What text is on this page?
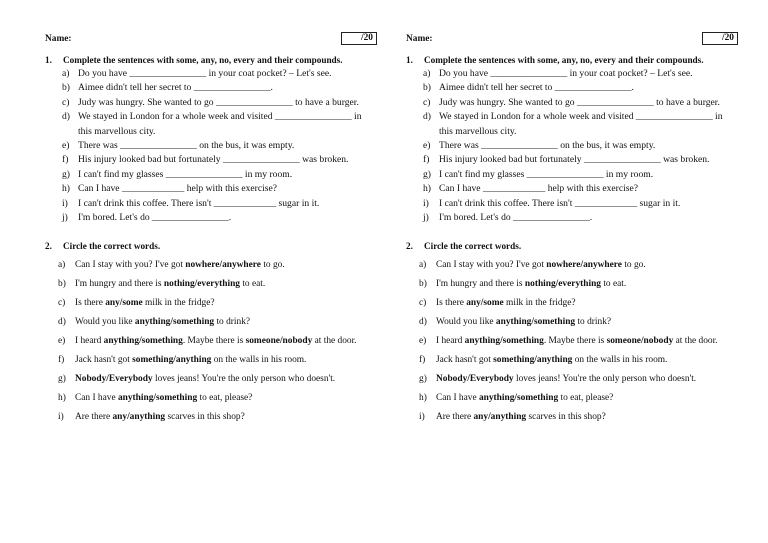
Name:	/20
1. Complete the sentences with some, any, no, every and their compounds.
a) Do you have ________________ in your coat pocket? – Let's see.
b) Aimee didn't tell her secret to ________________.
c) Judy was hungry. She wanted to go ________________ to have a burger.
d) We stayed in London for a whole week and visited ________________ in this marvellous city.
e) There was ________________ on the bus, it was empty.
f) His injury looked bad but fortunately ________________ was broken.
g) I can't find my glasses ________________ in my room.
h) Can I have _____________ help with this exercise?
i) I can't drink this coffee. There isn't _____________ sugar in it.
j) I'm bored. Let's do ________________.
2. Circle the correct words.
a) Can I stay with you? I've got nowhere/anywhere to go.
b) I'm hungry and there is nothing/everything to eat.
c) Is there any/some milk in the fridge?
d) Would you like anything/something to drink?
e) I heard anything/something. Maybe there is someone/nobody at the door.
f) Jack hasn't got something/anything on the walls in his room.
g) Nobody/Everybody loves jeans! You're the only person who doesn't.
h) Can I have anything/something to eat, please?
i) Are there any/anything scarves in this shop?
Name:	/20
1. Complete the sentences with some, any, no, every and their compounds.
a) Do you have ________________ in your coat pocket? – Let's see.
b) Aimee didn't tell her secret to ________________.
c) Judy was hungry. She wanted to go ________________ to have a burger.
d) We stayed in London for a whole week and visited ________________ in this marvellous city.
e) There was ________________ on the bus, it was empty.
f) His injury looked bad but fortunately ________________ was broken.
g) I can't find my glasses ________________ in my room.
h) Can I have _____________ help with this exercise?
i) I can't drink this coffee. There isn't _____________ sugar in it.
j) I'm bored. Let's do ________________.
2. Circle the correct words.
a) Can I stay with you? I've got nowhere/anywhere to go.
b) I'm hungry and there is nothing/everything to eat.
c) Is there any/some milk in the fridge?
d) Would you like anything/something to drink?
e) I heard anything/something. Maybe there is someone/nobody at the door.
f) Jack hasn't got something/anything on the walls in his room.
g) Nobody/Everybody loves jeans! You're the only person who doesn't.
h) Can I have anything/something to eat, please?
i) Are there any/anything scarves in this shop?
